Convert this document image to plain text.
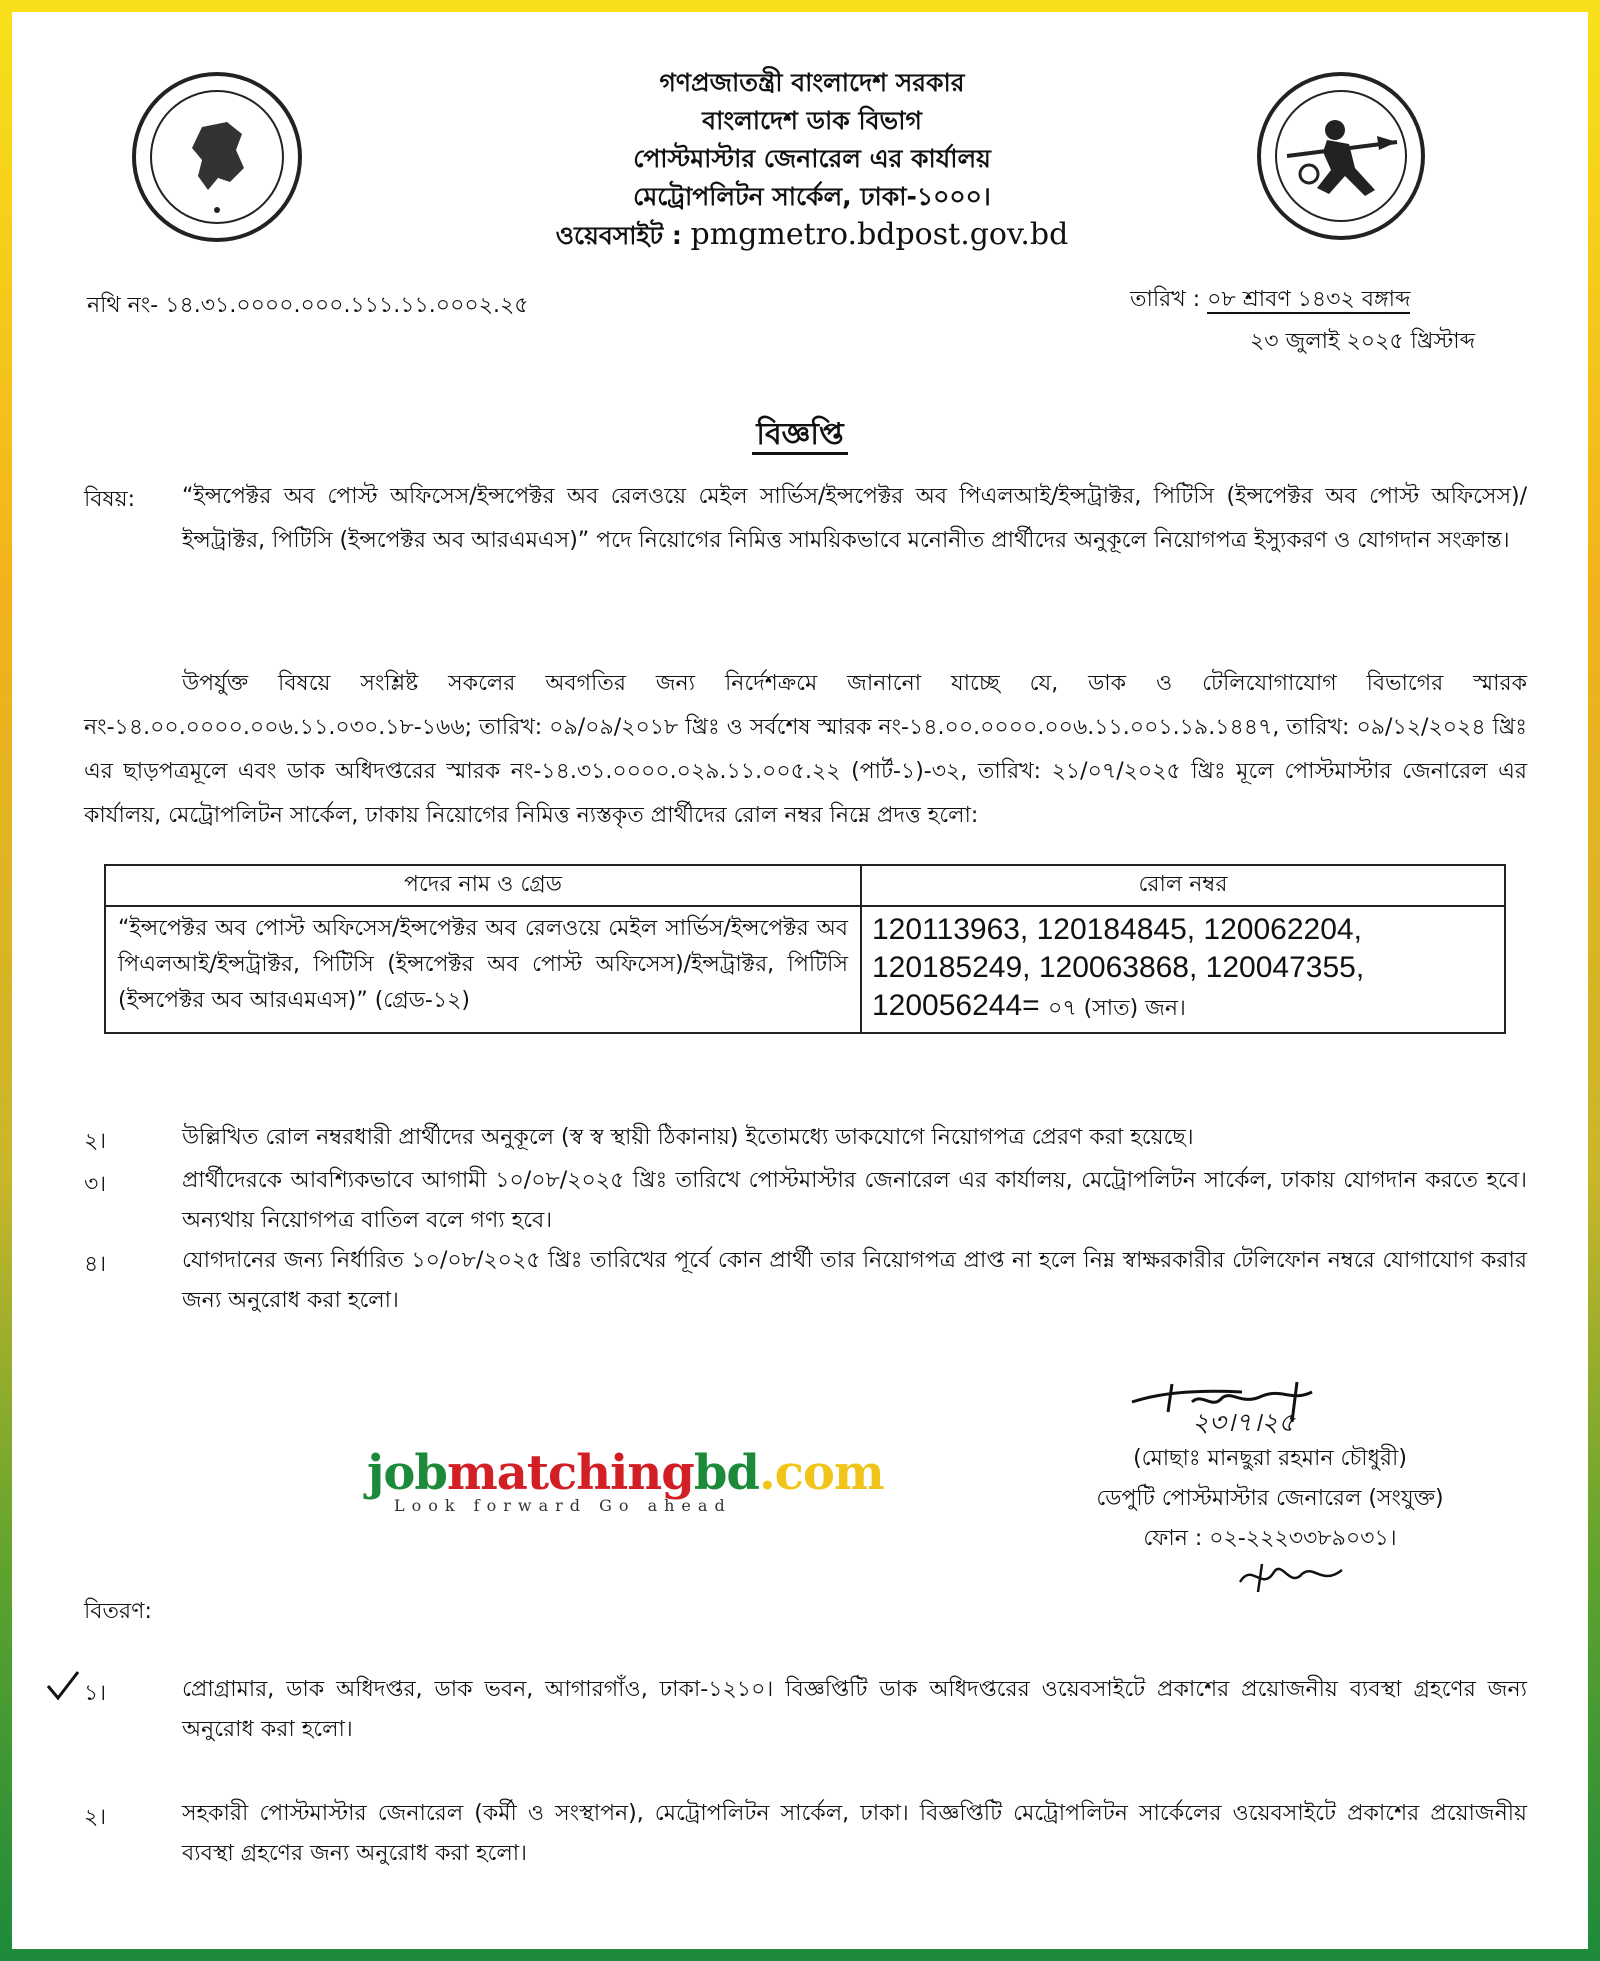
গণপ্রজাতন্ত্রী বাংলাদেশ সরকার
বাংলাদেশ ডাক বিভাগ
পোস্টমাস্টার জেনারেল এর কার্যালয়
মেট্রোপলিটন সার্কেল, ঢাকা-১০০০।
ওয়েবসাইট : pmgmetro.bdpost.gov.bd
নথি নং- ১৪.৩১.০০০০.০০০.১১১.১১.০০০২.২৫	তারিখ : ০৮ শ্রাবণ ১৪৩২ বঙ্গাব্দ
২৩ জুলাই ২০২৫ খ্রিস্টাব্দ
বিজ্ঞপ্তি
বিষয়: “ইন্সপেক্টর অব পোস্ট অফিসেস/ইন্সপেক্টর অব রেলওয়ে মেইল সার্ভিস/ইন্সপেক্টর অব পিএলআই/ইন্সট্রাক্টর, পিটিসি (ইন্সপেক্টর অব পোস্ট অফিসেস)/ইন্সট্রাক্টর, পিটিসি (ইন্সপেক্টর অব আরএমএস)” পদে নিয়োগের নিমিত্ত সাময়িকভাবে মনোনীত প্রার্থীদের অনুকূলে নিয়োগপত্র ইস্যুকরণ ও যোগদান সংক্রান্ত।
উপর্যুক্ত বিষয়ে সংশ্লিষ্ট সকলের অবগতির জন্য নির্দেশক্রমে জানানো যাচ্ছে যে, ডাক ও টেলিযোগাযোগ বিভাগের স্মারক নং-১৪.০০.০০০০.০০৬.১১.০৩০.১৮-১৬৬; তারিখ: ০৯/০৯/২০১৮ খ্রিঃ ও সর্বশেষ স্মারক নং-১৪.০০.০০০০.০০৬.১১.০০১.১৯.১৪৪৭, তারিখ: ০৯/১২/২০২৪ খ্রিঃ এর ছাড়পত্রমূলে এবং ডাক অধিদপ্তরের স্মারক নং-১৪.৩১.০০০০.০২৯.১১.০০৫.২২ (পার্ট-১)-৩২, তারিখ: ২১/০৭/২০২৫ খ্রিঃ মূলে পোস্টমাস্টার জেনারেল এর কার্যালয়, মেট্রোপলিটন সার্কেল, ঢাকায় নিয়োগের নিমিত্ত ন্যস্তকৃত প্রার্থীদের রোল নম্বর নিম্নে প্রদত্ত হলো:
পদের নাম ও গ্রেড	রোল নম্বর
“ইন্সপেক্টর অব পোস্ট অফিসেস/ইন্সপেক্টর অব রেলওয়ে মেইল সার্ভিস/ইন্সপেক্টর অব পিএলআই/ইন্সট্রাক্টর, পিটিসি (ইন্সপেক্টর অব পোস্ট অফিসেস)/ইন্সট্রাক্টর, পিটিসি (ইন্সপেক্টর অব আরএমএস)” (গ্রেড-১২)	120113963, 120184845, 120062204,
120185249, 120063868, 120047355,
120056244= ০৭ (সাত) জন।
২।	উল্লিখিত রোল নম্বরধারী প্রার্থীদের অনুকূলে (স্ব স্ব স্থায়ী ঠিকানায়) ইতোমধ্যে ডাকযোগে নিয়োগপত্র প্রেরণ করা হয়েছে।
৩।	প্রার্থীদেরকে আবশ্যিকভাবে আগামী ১০/০৮/২০২৫ খ্রিঃ তারিখে পোস্টমাস্টার জেনারেল এর কার্যালয়, মেট্রোপলিটন সার্কেল, ঢাকায় যোগদান করতে হবে। অন্যথায় নিয়োগপত্র বাতিল বলে গণ্য হবে।
৪।	যোগদানের জন্য নির্ধারিত ১০/০৮/২০২৫ খ্রিঃ তারিখের পূর্বে কোন প্রার্থী তার নিয়োগপত্র প্রাপ্ত না হলে নিম্ন স্বাক্ষরকারীর টেলিফোন নম্বরে যোগাযোগ করার জন্য অনুরোধ করা হলো।
২৩।৭।২৫
jobmatchingbd.com
Look forward Go ahead
(মোছাঃ মানছুরা রহমান চৌধুরী)
ডেপুটি পোস্টমাস্টার জেনারেল (সংযুক্ত)
ফোন : ০২-২২২৩৩৮৯০৩১।
বিতরণ:
১।	প্রোগ্রামার, ডাক অধিদপ্তর, ডাক ভবন, আগারগাঁও, ঢাকা-১২১০। বিজ্ঞপ্তিটি ডাক অধিদপ্তরের ওয়েবসাইটে প্রকাশের প্রয়োজনীয় ব্যবস্থা গ্রহণের জন্য অনুরোধ করা হলো।
২।	সহকারী পোস্টমাস্টার জেনারেল (কর্মী ও সংস্থাপন), মেট্রোপলিটন সার্কেল, ঢাকা। বিজ্ঞপ্তিটি মেট্রোপলিটন সার্কেলের ওয়েবসাইটে প্রকাশের প্রয়োজনীয় ব্যবস্থা গ্রহণের জন্য অনুরোধ করা হলো।
